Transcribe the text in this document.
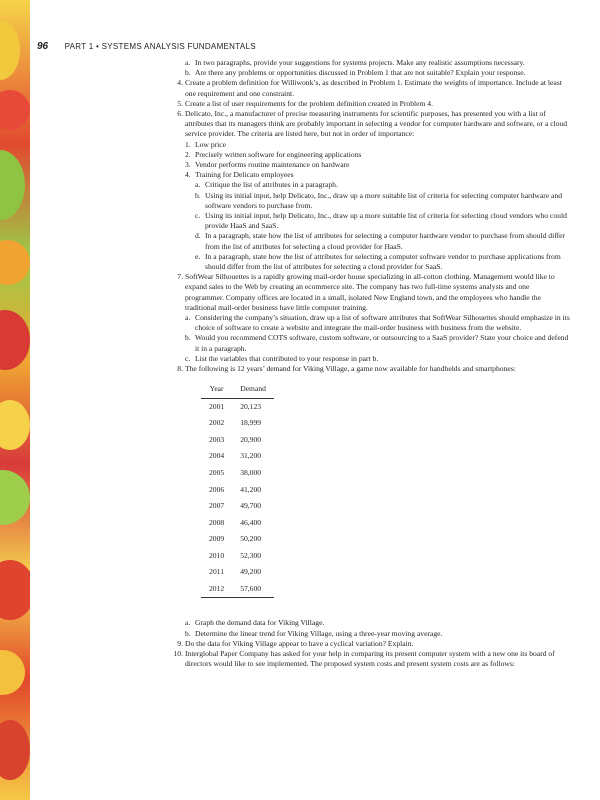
96 PART 1 • SYSTEMS ANALYSIS FUNDAMENTALS
a. In two paragraphs, provide your suggestions for systems projects. Make any realistic assumptions necessary.
b. Are there any problems or opportunities discussed in Problem 1 that are not suitable? Explain your response.
4. Create a problem definition for Williwonk’s, as described in Problem 1. Estimate the weights of importance. Include at least one requirement and one constraint.
5. Create a list of user requirements for the problem definition created in Problem 4.
6. Delicato, Inc., a manufacturer of precise measuring instruments for scientific purposes, has presented you with a list of attributes that its managers think are probably important in selecting a vendor for computer hardware and software, or a cloud service provider. The criteria are listed here, but not in order of importance:
1. Low price
2. Precisely written software for engineering applications
3. Vendor performs routine maintenance on hardware
4. Training for Delicato employees
a. Critique the list of attributes in a paragraph.
b. Using its initial input, help Delicato, Inc., draw up a more suitable list of criteria for selecting computer hardware and software vendors to purchase from.
c. Using its initial input, help Delicato, Inc., draw up a more suitable list of criteria for selecting cloud vendors who could provide HaaS and SaaS.
d. In a paragraph, state how the list of attributes for selecting a computer hardware vendor to purchase from should differ from the list of attributes for selecting a cloud provider for HaaS.
e. In a paragraph, state how the list of attributes for selecting a computer software vendor to purchase applications from should differ from the list of attributes for selecting a cloud provider for SaaS.
7. SoftWear Silhouettes is a rapidly growing mail-order house specializing in all-cotton clothing. Management would like to expand sales to the Web by creating an ecommerce site. The company has two full-time systems analysts and one programmer. Company offices are located in a small, isolated New England town, and the employees who handle the traditional mail-order business have little computer training.
a. Considering the company’s situation, draw up a list of software attributes that SoftWear Silhouettes should emphasize in its choice of software to create a website and integrate the mail-order business with business from the website.
b. Would you recommend COTS software, custom software, or outsourcing to a SaaS provider? State your choice and defend it in a paragraph.
c. List the variables that contributed to your response in part b.
8. The following is 12 years’ demand for Viking Village, a game now available for handhelds and smartphones:
Year	Demand
2001	20,123
2002	18,999
2003	20,900
2004	31,200
2005	38,000
2006	41,200
2007	49,700
2008	46,400
2009	50,200
2010	52,300
2011	49,200
2012	57,600
a. Graph the demand data for Viking Village.
b. Determine the linear trend for Viking Village, using a three-year moving average.
9. Do the data for Viking Village appear to have a cyclical variation? Explain.
10. Interglobal Paper Company has asked for your help in comparing its present computer system with a new one its board of directors would like to see implemented. The proposed system costs and present system costs are as follows:
